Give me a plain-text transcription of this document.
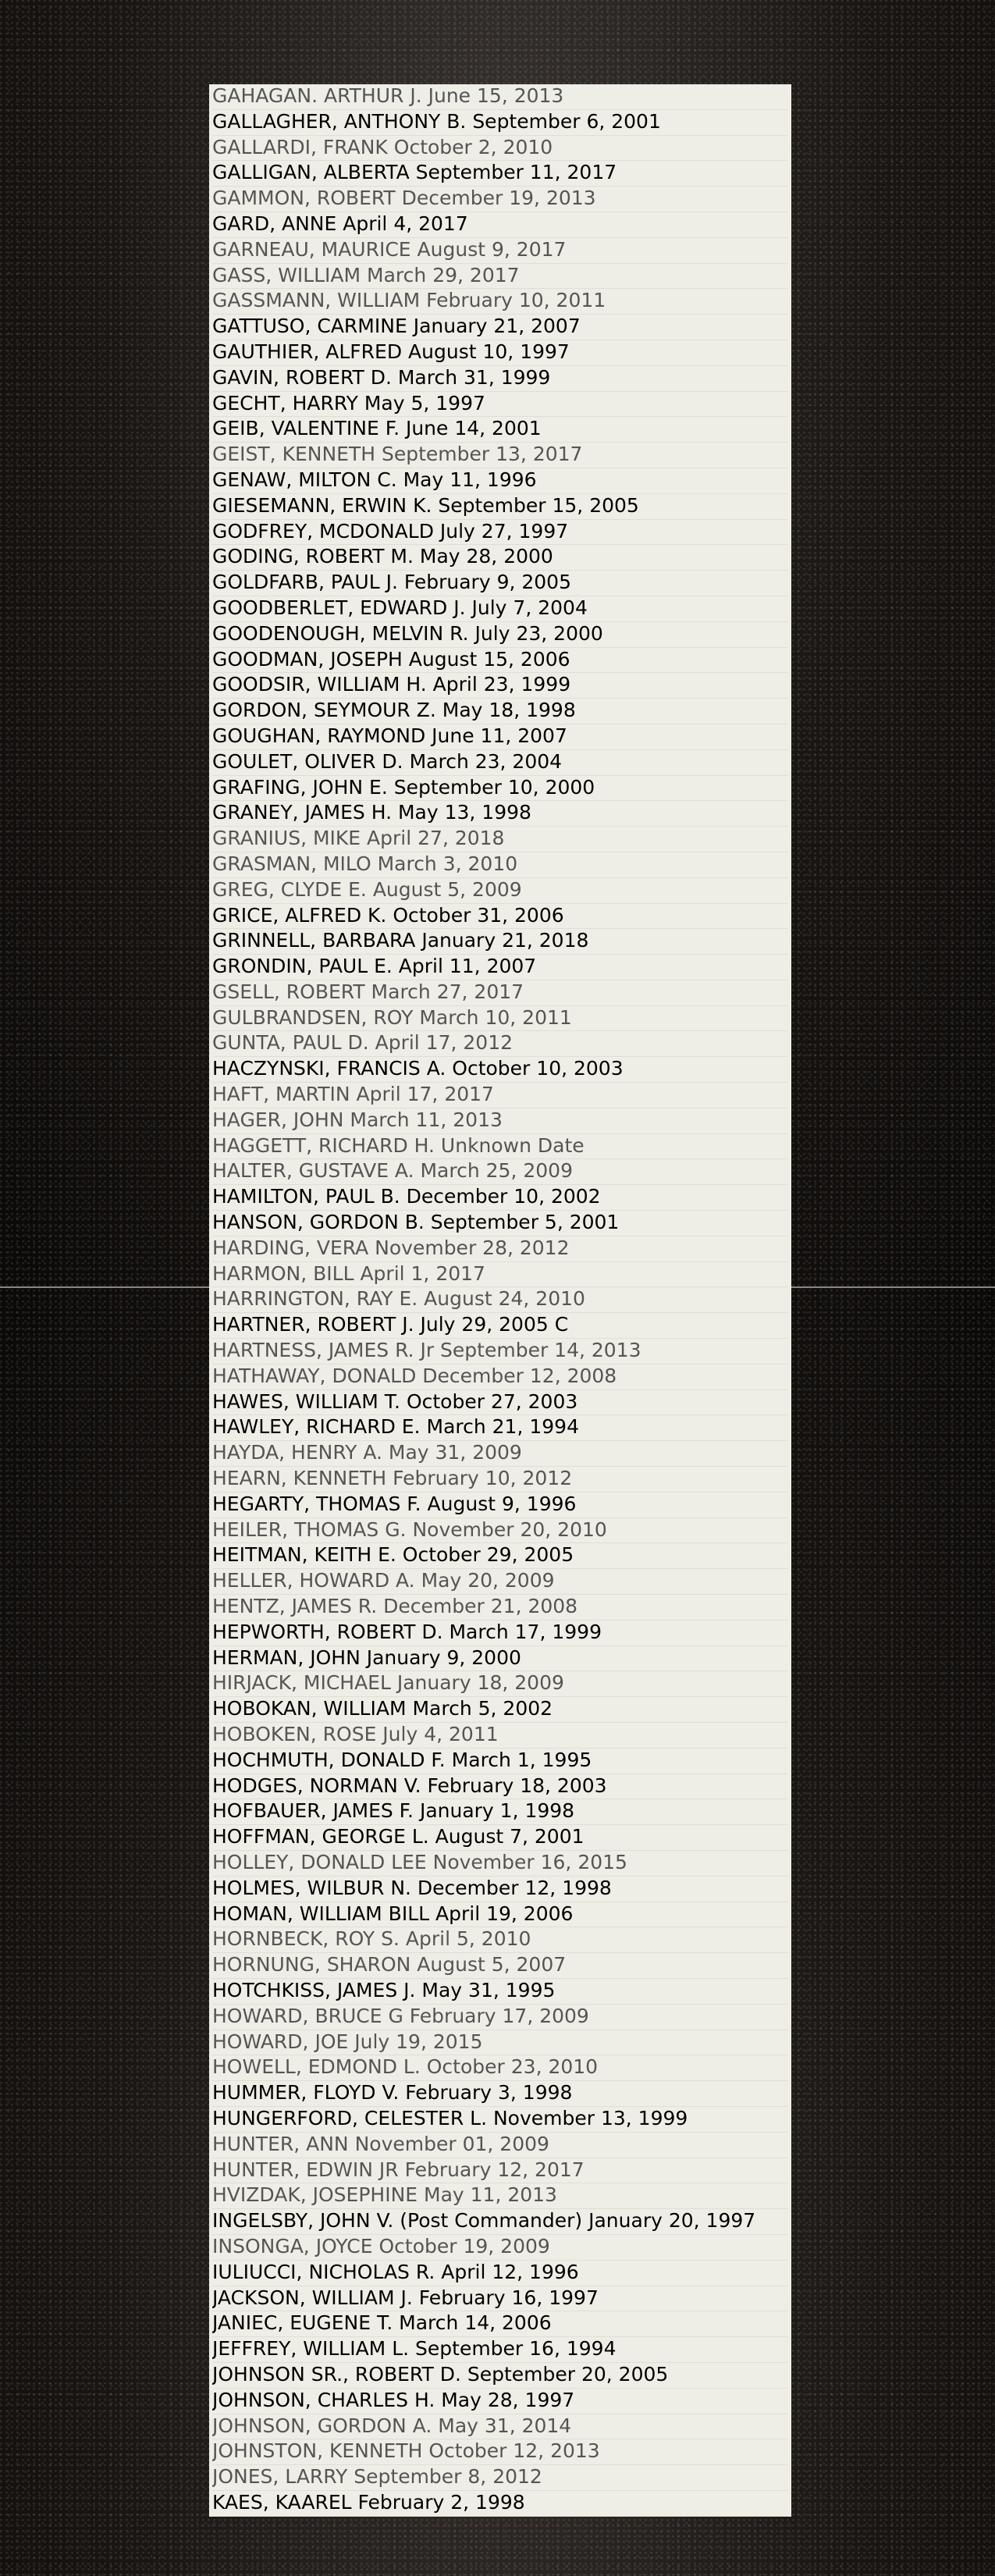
GAHAGAN. ARTHUR J. June 15, 2013
GALLAGHER, ANTHONY B. September 6, 2001
GALLARDI, FRANK October 2, 2010
GALLIGAN, ALBERTA September 11, 2017
GAMMON, ROBERT December 19, 2013
GARD, ANNE April 4, 2017
GARNEAU, MAURICE August 9, 2017
GASS, WILLIAM March 29, 2017
GASSMANN, WILLIAM February 10, 2011
GATTUSO, CARMINE January 21, 2007
GAUTHIER, ALFRED August 10, 1997
GAVIN, ROBERT D. March 31, 1999
GECHT, HARRY May 5, 1997
GEIB, VALENTINE F. June 14, 2001
GEIST, KENNETH September 13, 2017
GENAW, MILTON C. May 11, 1996
GIESEMANN, ERWIN K. September 15, 2005
GODFREY, MCDONALD July 27, 1997
GODING, ROBERT M. May 28, 2000
GOLDFARB, PAUL J. February 9, 2005
GOODBERLET, EDWARD J. July 7, 2004
GOODENOUGH, MELVIN R. July 23, 2000
GOODMAN, JOSEPH August 15, 2006
GOODSIR, WILLIAM H. April 23, 1999
GORDON, SEYMOUR Z. May 18, 1998
GOUGHAN, RAYMOND June 11, 2007
GOULET, OLIVER D. March 23, 2004
GRAFING, JOHN E. September 10, 2000
GRANEY, JAMES H. May 13, 1998
GRANIUS, MIKE April 27, 2018
GRASMAN, MILO March 3, 2010
GREG, CLYDE E. August 5, 2009
GRICE, ALFRED K. October 31, 2006
GRINNELL, BARBARA January 21, 2018
GRONDIN, PAUL E. April 11, 2007
GSELL, ROBERT March 27, 2017
GULBRANDSEN, ROY March 10, 2011
GUNTA, PAUL D. April 17, 2012
HACZYNSKI, FRANCIS A. October 10, 2003
HAFT, MARTIN April 17, 2017
HAGER, JOHN March 11, 2013
HAGGETT, RICHARD H. Unknown Date
HALTER, GUSTAVE A. March 25, 2009
HAMILTON, PAUL B. December 10, 2002
HANSON, GORDON B. September 5, 2001
HARDING, VERA November 28, 2012
HARMON, BILL April 1, 2017
HARRINGTON, RAY E. August 24, 2010
HARTNER, ROBERT J. July 29, 2005 C
HARTNESS, JAMES R. Jr September 14, 2013
HATHAWAY, DONALD December 12, 2008
HAWES, WILLIAM T. October 27, 2003
HAWLEY, RICHARD E. March 21, 1994
HAYDA, HENRY A. May 31, 2009
HEARN, KENNETH February 10, 2012
HEGARTY, THOMAS F. August 9, 1996
HEILER, THOMAS G. November 20, 2010
HEITMAN, KEITH E. October 29, 2005
HELLER, HOWARD A. May 20, 2009
HENTZ, JAMES R. December 21, 2008
HEPWORTH, ROBERT D. March 17, 1999
HERMAN, JOHN January 9, 2000
HIRJACK, MICHAEL January 18, 2009
HOBOKAN, WILLIAM March 5, 2002
HOBOKEN, ROSE July 4, 2011
HOCHMUTH, DONALD F. March 1, 1995
HODGES, NORMAN V. February 18, 2003
HOFBAUER, JAMES F. January 1, 1998
HOFFMAN, GEORGE L. August 7, 2001
HOLLEY, DONALD LEE November 16, 2015
HOLMES, WILBUR N. December 12, 1998
HOMAN, WILLIAM BILL April 19, 2006
HORNBECK, ROY S. April 5, 2010
HORNUNG, SHARON August 5, 2007
HOTCHKISS, JAMES J. May 31, 1995
HOWARD, BRUCE G February 17, 2009
HOWARD, JOE July 19, 2015
HOWELL, EDMOND L. October 23, 2010
HUMMER, FLOYD V. February 3, 1998
HUNGERFORD, CELESTER L. November 13, 1999
HUNTER, ANN November 01, 2009
HUNTER, EDWIN JR February 12, 2017
HVIZDAK, JOSEPHINE May 11, 2013
INGELSBY, JOHN V. (Post Commander) January 20, 1997
INSONGA, JOYCE October 19, 2009
IULIUCCI, NICHOLAS R. April 12, 1996
JACKSON, WILLIAM J. February 16, 1997
JANIEC, EUGENE T. March 14, 2006
JEFFREY, WILLIAM L. September 16, 1994
JOHNSON SR., ROBERT D. September 20, 2005
JOHNSON, CHARLES H. May 28, 1997
JOHNSON, GORDON A. May 31, 2014
JOHNSTON, KENNETH October 12, 2013
JONES, LARRY September 8, 2012
KAES, KAAREL February 2, 1998
